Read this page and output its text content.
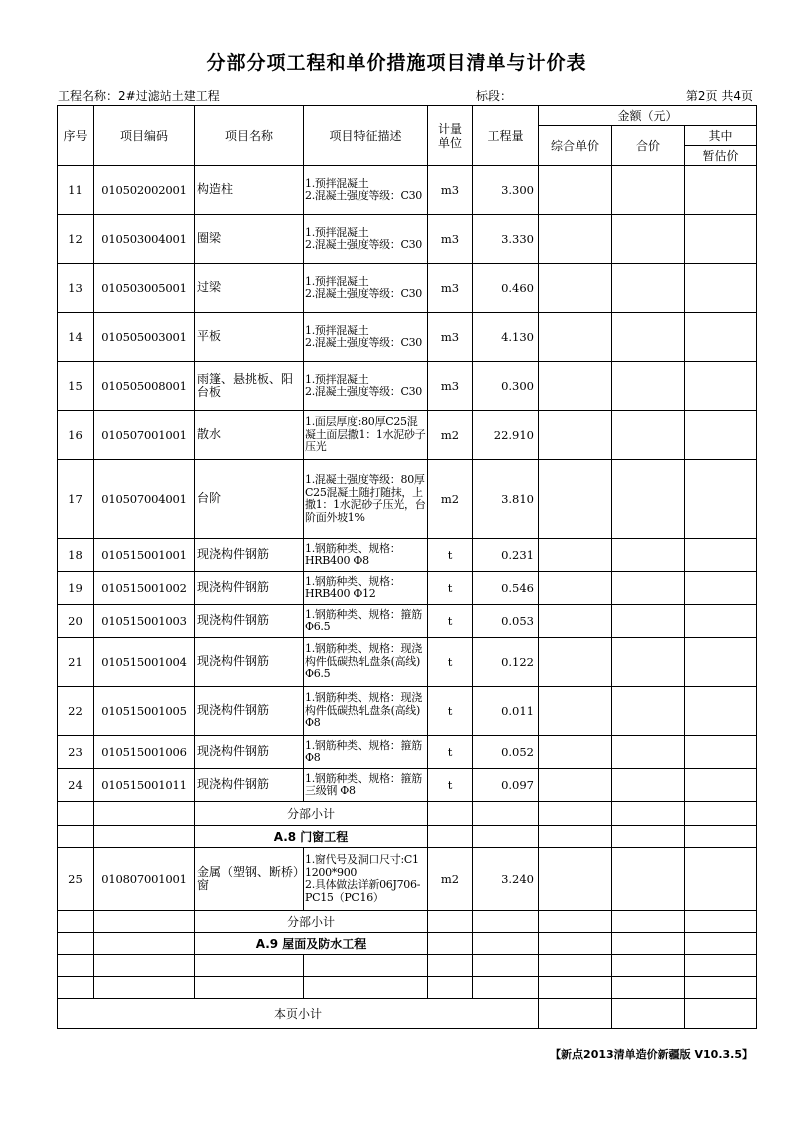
分部分项工程和单价措施项目清单与计价表
工程名称：2#过滤站土建工程	标段：	第2页 共4页
序号	项目编码	项目名称	项目特征描述	计量
单位	工程量	金额（元）		
						综合单价	合价	其中
								暂估价
11	010502002001	构造柱	1.预拌混凝土
2.混凝土强度等级：C30	m3	3.300			
12	010503004001	圈梁	1.预拌混凝土
2.混凝土强度等级：C30	m3	3.330			
13	010503005001	过梁	1.预拌混凝土
2.混凝土强度等级：C30	m3	0.460			
14	010505003001	平板	1.预拌混凝土
2.混凝土强度等级：C30	m3	4.130			
15	010505008001	雨篷、悬挑板、阳台板	1.预拌混凝土
2.混凝土强度等级：C30	m3	0.300			
16	010507001001	散水	1.面层厚度:80厚C25混凝土面层撒1：1水泥砂子压光	m2	22.910			
17	010507004001	台阶	1.混凝土强度等级：80厚C25混凝土随打随抹，上撒1：1水泥砂子压光，台阶面外坡1%	m2	3.810			
18	010515001001	现浇构件钢筋	1.钢筋种类、规格：HRB400 Φ8	t	0.231			
19	010515001002	现浇构件钢筋	1.钢筋种类、规格：HRB400 Φ12	t	0.546			
20	010515001003	现浇构件钢筋	1.钢筋种类、规格：箍筋 Φ6.5	t	0.053			
21	010515001004	现浇构件钢筋	1.钢筋种类、规格：现浇构件低碳热轧盘条(高线) Φ6.5	t	0.122			
22	010515001005	现浇构件钢筋	1.钢筋种类、规格：现浇构件低碳热轧盘条(高线) Φ8	t	0.011			
23	010515001006	现浇构件钢筋	1.钢筋种类、规格：箍筋 Φ8	t	0.052			
24	010515001011	现浇构件钢筋	1.钢筋种类、规格：箍筋 三级钢 Φ8	t	0.097			
		分部小计						
		A.8 门窗工程						
25	010807001001	金属（塑钢、断桥）窗	1.窗代号及洞口尺寸:C1 1200*900
2.具体做法详新06J706-PC15（PC16）	m2	3.240			
		分部小计						
		A.9 屋面及防水工程						

本页小计								
【新点2013清单造价新疆版 V10.3.5】
